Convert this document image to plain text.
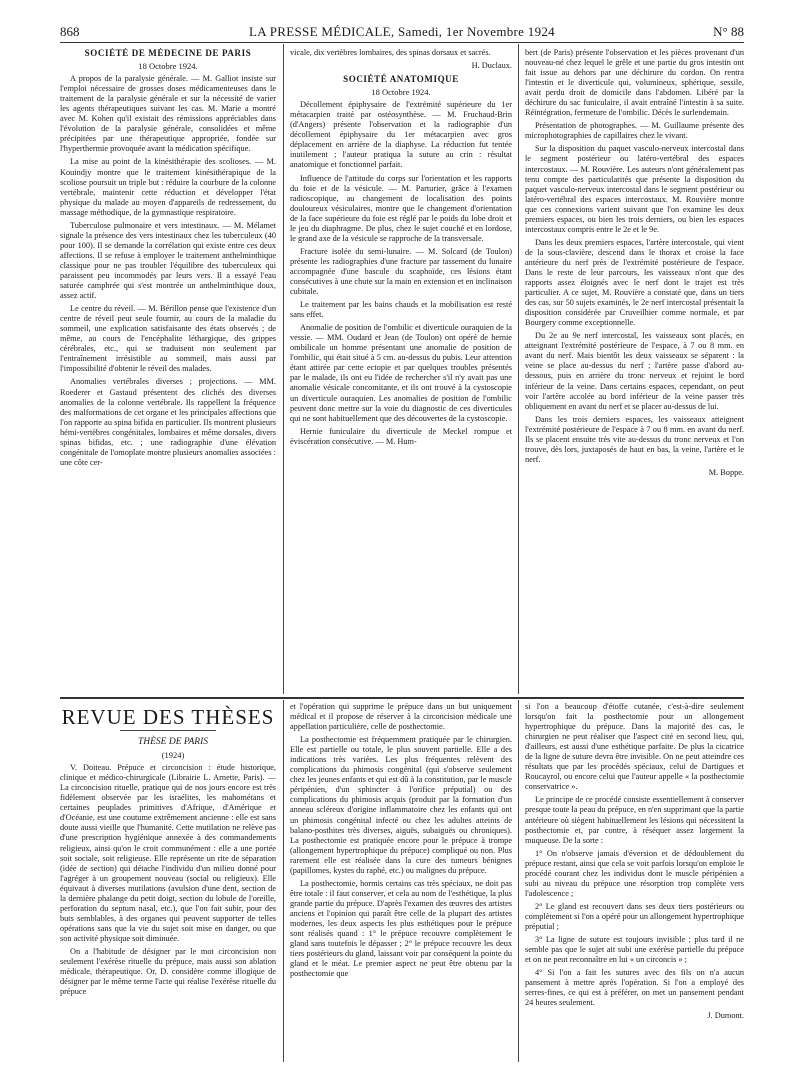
868	LA PRESSE MÉDICALE, Samedi, 1er Novembre 1924	N° 88

SOCIÉTÉ DE MÉDECINE DE PARIS

18 Octobre 1924.

A propos de la paralysie générale. — M. Galliot insiste sur l'emploi nécessaire de grosses doses médicamenteuses dans le traitement de la paralysie générale et sur la nécessité de varier les agents thérapeutiques suivant les cas. M. Marie a montré avec M. Kohen qu'il existait des rémissions appréciables dans l'évolution de la paralysie générale, consolidées et même précipitées par une thérapeutique appropriée, fondée sur l'hyperthermie provoquée avant la médication spécifique.

La mise au point de la kinésithérapie des scolioses. — M. Kouindjy montre que le traitement kinésithérapique de la scoliose poursuit un triple but : réduire la courbure de la colonne vertébrale, maintenir cette réduction et développer l'état physique du malade au moyen d'appareils de redressement, du massage méthodique, de la gymnastique respiratoire.

Tuberculose pulmonaire et vers intestinaux. — M. Mélamet signale la présence des vers intestinaux chez les tuberculeux (40 pour 100). Il se demande la corrélation qui existe entre ces deux affections. Il se refuse à employer le traitement anthelminthique classique pour ne pas troubler l'équilibre des tuberculeux qui paraissent peu incommodés par leurs vers. Il a essayé l'eau saturée camphrée qui s'est montrée un anthelminthique doux, assez actif.

Le centre du réveil. — M. Bérillon pense que l'existence d'un centre de réveil peut seule fournir, au cours de la maladie du sommeil, une explication satisfaisante des états observés ; de même, au cours de l'encéphalite léthargique, des grippes cérébrales, etc., qui se traduisent non seulement par l'entraînement irrésistible au sommeil, mais aussi par l'impossibilité d'obtenir le réveil des malades.

Anomalies vertébrales diverses ; projections. — MM. Roederer et Gastaud présentent des clichés des diverses anomalies de la colonne vertébrale. Ils rappellent la fréquence des malformations de cet organe et les principales affections que l'on rapporte au spina bifida en particulier. Ils montrent plusieurs hémi-vertèbres congénitales, lombaires et même dorsales, divers spinas bifidas, etc. ; une radiographie d'une élévation congénitale de l'omoplate montre plusieurs anomalies associées : une côte cer-

vicale, dix vertèbres lombaires, des spinas dorsaux et sacrés.

H. Duclaux.

SOCIÉTÉ ANATOMIQUE

18 Octobre 1924.

Décollement épiphysaire de l'extrémité supérieure du 1er métacarpien traité par ostéosynthèse. — M. Fruchaud-Brin (d'Angers) présente l'observation et la radiographie d'un décollement épiphysaire du 1er métacarpien avec gros déplacement en arrière de la diaphyse. La réduction fut tentée inutilement ; l'auteur pratiqua la suture au crin : résultat anatomique et fonctionnel parfait.

Influence de l'attitude du corps sur l'orientation et les rapports du foie et de la vésicule. — M. Parturier, grâce à l'examen radioscopique, au changement de localisation des points douloureux vésiculaires, montre que le changement d'orientation de la face supérieure du foie est réglé par le poids du lobe droit et le jeu du diaphragme. De plus, chez le sujet couché et en lordose, le grand axe de la vésicule se rapproche de la transversale.

Fracture isolée du semi-lunaire. — M. Solcard (de Toulon) présente les radiographies d'une fracture par tassement du lunaire accompagnée d'une bascule du scaphoïde, ces lésions étant consécutives à une chute sur la main en extension et en inclinaison cubitale.

Le traitement par les bains chauds et la mobilisation est resté sans effet.

Anomalie de position de l'ombilic et diverticule ouraquien de la vessie. — MM. Oudard et Jean (de Toulon) ont opéré de hernie ombilicale un homme présentant une anomalie de position de l'ombilic, qui était situé à 5 cm. au-dessus du pubis. Leur attention étant attirée par cette ectopie et par quelques troubles présentés par le malade, ils ont eu l'idée de rechercher s'il n'y avait pas une anomalie vésicale concomitante, et ils ont trouvé à la cystoscopie un diverticule ouraquien. Les anomalies de position de l'ombilic peuvent donc mettre sur la voie du diagnostic de ces diverticules qui ne sont habituellement que des découvertes de la cystoscopie.

Hernie funiculaire du diverticule de Meckel rompue et éviscération consécutive. — M. Hum-

bert (de Paris) présente l'observation et les pièces provenant d'un nouveau-né chez lequel le grêle et une partie du gros intestin ont fait issue au dehors par une déchirure du cordon. On rentra l'intestin et le diverticule qui, volumineux, sphérique, sessile, avait perdu droit de domicile dans l'abdomen. Libéré par la déchirure du sac funiculaire, il avait entraîné l'intestin à sa suite. Réintégration, fermeture de l'ombilic. Décès le surlendemain.

Présentation de photographes. — M. Guillaume présente des microphotographies de capillaires chez le vivant.

Sur la disposition du paquet vasculo-nerveux intercostal dans le segment postérieur ou latéro-vertébral des espaces intercostaux. — M. Rouvière. Les auteurs n'ont généralement pas tenu compte des particularités que présente la disposition du paquet vasculo-nerveux intercostal dans le segment postérieur ou latéro-vertébral des espaces intercostaux. M. Rouvière montre que ces connexions varient suivant que l'on examine les deux premiers espaces, ou bien les trois derniers, ou bien les espaces intercostaux compris entre le 2e et le 9e.

Dans les deux premiers espaces, l'artère intercostale, qui vient de la sous-clavière, descend dans le thorax et croise la face antérieure du nerf près de l'extrémité postérieure de l'espace. Dans le reste de leur parcours, les vaisseaux n'ont que des rapports assez éloignés avec le nerf dont le trajet est très particulier. A ce sujet, M. Rouvière a constaté que, dans un tiers des cas, sur 50 sujets examinés, le 2e nerf intercostal présentait la disposition considérée par Cruveilhier comme normale, et par Bourgery comme exceptionnelle.

Du 2e au 9e nerf intercostal, les vaisseaux sont placés, en atteignant l'extrémité postérieure de l'espace, à 7 ou 8 mm. en avant du nerf. Mais bientôt les deux vaisseaux se séparent : la veine se place au-dessus du nerf ; l'artère passe d'abord au-dessous, puis en arrière du tronc nerveux et rejoint le bord inférieur de la veine. Dans certains espaces, cependant, on peut voir l'artère accolée au bord inférieur de la veine passer très obliquement en avant du nerf et se placer au-dessus de lui.

Dans les trois derniers espaces, les vaisseaux atteignent l'extrémité postérieure de l'espace à 7 ou 8 mm. en avant du nerf. Ils se placent ensuite très vite au-dessus du tronc nerveux et l'on trouve, dès lors, juxtaposés de haut en bas, la veine, l'artère et le nerf.

M. Boppe.

REVUE DES THÈSES

THÈSE DE PARIS

(1924)

V. Doiteau. Prépuce et circoncision : étude historique, clinique et médico-chirurgicale (Librairie L. Arnette, Paris). — La circoncision rituelle, pratique qui de nos jours encore est très fidèlement observée par les israélites, les mahométans et certaines peuplades primitives d'Afrique, d'Amérique et d'Océanie, est une coutume extrêmement ancienne : elle est sans doute aussi vieille que l'humanité. Cette mutilation ne relève pas d'une prescription hygiénique annexée à des commandements religieux, ainsi qu'on le croit communément : elle a une portée soit sociale, soit religieuse. Elle représente un rite de séparation (idée de section) qui détache l'individu d'un milieu donné pour l'agréger à un groupement nouveau (social ou religieux). Elle équivaut à diverses mutilations (avulsion d'une dent, section de la dernière phalange du petit doigt, section du lobule de l'oreille, perforation du septum nasal, etc.), que l'on fait subir, pour des buts semblables, à des organes qui peuvent supporter de telles opérations sans que la vie du sujet soit mise en danger, ou que son activité physique soit diminuée.

On a l'habitude de désigner par le mot circoncision non seulement l'exérèse rituelle du prépuce, mais aussi son ablation médicale, thérapeutique. Or, D. considère comme illogique de désigner par le même terme l'acte qui réalise l'exérèse rituelle du prépuce

et l'opération qui supprime le prépuce dans un but uniquement médical et il propose de réserver à la circoncision médicale une appellation particulière, celle de posthectomie.

La posthectomie est fréquemment pratiquée par le chirurgien. Elle est partielle ou totale, le plus souvent partielle. Elle a des indications très variées. Les plus fréquentes relèvent des complications du phimosis congénital (qui s'observe seulement chez les jeunes enfants et qui est dû à la constitution, par le muscle péripénien, d'un sphincter à l'orifice préputial) ou des complications du phimosis acquis (produit par la formation d'un anneau scléreux d'origine inflammatoire chez les enfants qui ont un phimosis congénital infecté ou chez les adultes atteints de balano-posthites très diverses, aiguës, subaiguës ou chroniques). La posthectomie est pratiquée encore pour le prépuce à trompe (allongement hypertrophique du prépuce) compliqué ou non. Plus rarement elle est réalisée dans la cure des tumeurs bénignes (papillomes, kystes du raphé, etc.) ou malignes du prépuce.

La posthectomie, hormis certains cas très spéciaux, ne doit pas être totale : il faut conserver, et cela au nom de l'esthétique, la plus grande partie du prépuce. D'après l'examen des œuvres des artistes anciens et l'opinion qui paraît être celle de la plupart des artistes modernes, les deux aspects les plus esthétiques pour le prépuce sont réalisés quand : 1° le prépuce recouvre complètement le gland sans toutefois le dépasser ; 2° le prépuce recouvre les deux tiers postérieurs du gland, laissant voir par conséquent la pointe du gland et le méat. Le premier aspect ne peut être obtenu par la posthectomie que

si l'on a beaucoup d'étoffe cutanée, c'est-à-dire seulement lorsqu'on fait la posthectomie pour un allongement hypertrophique du prépuce. Dans la majorité des cas, le chirurgien ne peut réaliser que l'aspect cité en second lieu, qui, d'ailleurs, est aussi d'une esthétique parfaite. De plus la cicatrice de la ligne de suture devra être invisible. On ne peut atteindre ces résultats que par les procédés spéciaux, celui de Dartigues et Roucayrol, ou encore celui que l'auteur appelle « la posthectomie conservatrice ».

Le principe de ce procédé consiste essentiellement à conserver presque toute la peau du prépuce, en n'en supprimant que la partie antérieure où siègent habituellement les lésions qui nécessitent la posthectomie et, par contre, à réséquer assez largement la muqueuse. De la sorte :

1° On n'observe jamais d'éversion et de dédoublement du prépuce restant, ainsi que cela se voit parfois lorsqu'on emploie le procédé courant chez les individus dont le muscle péripénien a subi au niveau du prépuce une résorption trop complète vers l'adolescence ;

2° Le gland est recouvert dans ses deux tiers postérieurs ou complètement si l'on a opéré pour un allongement hypertrophique préputial ;

3° La ligne de suture est toujours invisible ; plus tard il ne semble pas que le sujet ait subi une exérèse partielle du prépuce et on ne peut reconnaître en lui « un circoncis » ;

4° Si l'on a fait les sutures avec des fils on n'a aucun pansement à mettre après l'opération. Si l'on a employé des serres-fines, ce qui est à préférer, on met un pansement pendant 24 heures seulement.

J. Dumont.
